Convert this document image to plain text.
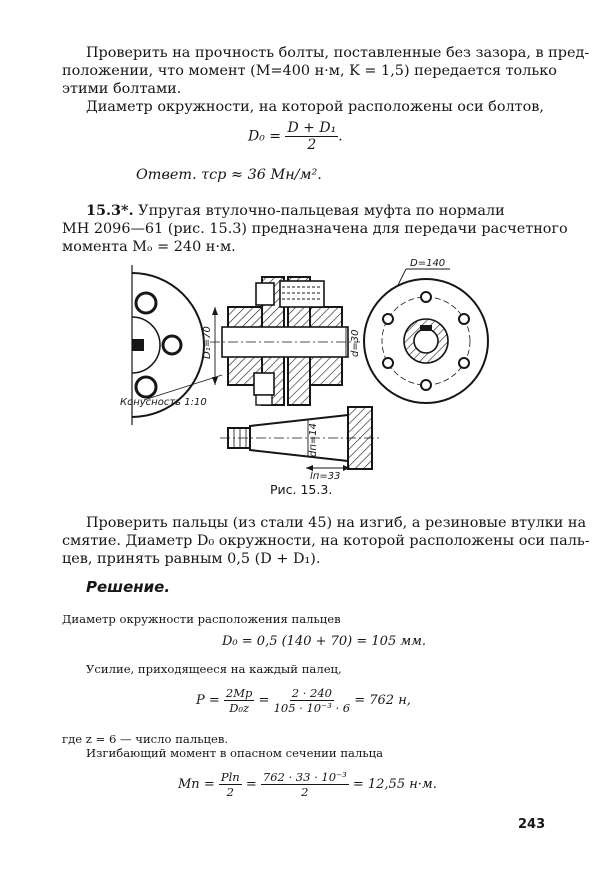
Проверить на прочность болты, поставленные без зазора, в пред-
положении, что момент (M=400 н·м, K = 1,5) передается только
этими болтами.
Диаметр окружности, на которой расположены оси болтов,
$D_0 = \frac{\text{D + D₁}}{2}$ .
Ответ. τср ≈ 36 Мн/м².
15.3*. Упругая втулочно-пальцевая муфта по нормали
МН 2096—61 (рис. 15.3) предназначена для передачи расчетного
момента Mₒ = 240 н·м.
D₁=70	d=30
Конусность 1:10
D=140
dп=14
lп=33
Рис. 15.3.
Проверить пальцы (из стали 45) на изгиб, а резиновые втулки на
смятие. Диаметр D₀ окружности, на которой расположены оси паль-
цев, принять равным 0,5 (D + D₁).
Решение.
Диаметр окружности расположения пальцев
D₀ = 0,5 (140 + 70) = 105 мм.
Усилие, приходящееся на каждый палец,
$P = \frac{2Mр}{\text{D₀z}} = \frac{2 \cdot 240}{\text{105 · 10⁻³ · 6}} = 762$ н,
где z = 6 — число пальцев.
Изгибающий момент в опасном сечении пальца
Mп = $\frac{\text{Plп}}{2} = \frac{\text{762 · 33 · 10⁻³}}{2} = 12,55$ н·м.
243
